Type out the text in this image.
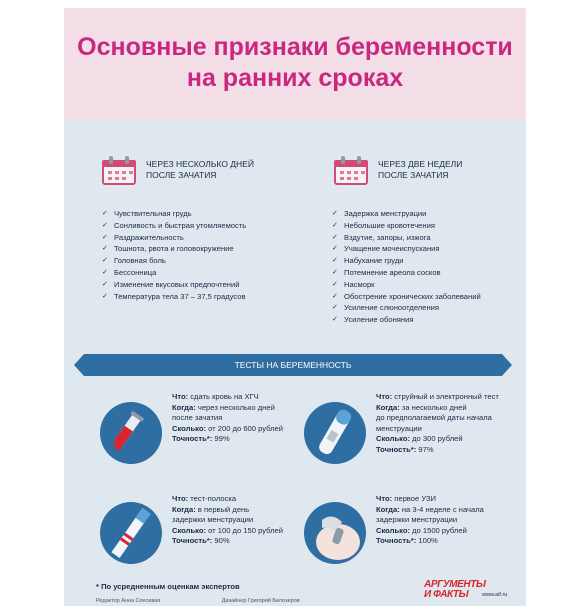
Основные признаки беременности
на ранних сроках
ЧЕРЕЗ НЕСКОЛЬКО ДНЕЙ
ПОСЛЕ ЗАЧАТИЯ
ЧЕРЕЗ ДВЕ НЕДЕЛИ
ПОСЛЕ ЗАЧАТИЯ
✓ Чувствительная грудь
✓ Сонливость и быстрая утомляемость
✓ Раздражительность
✓ Тошнота, рвота и головокружение
✓ Головная боль
✓ Бессонница
✓ Изменение вкусовых предпочтений
✓ Температура тела 37 – 37,5 градусов
✓ Задержка менструации
✓ Небольшие кровотечения
✓ Вздутие, запоры, изжога
✓ Учащение мочеиспускания
✓ Набухание груди
✓ Потемнение ареола сосков
✓ Насморк
✓ Обострение хронических заболеваний
✓ Усиление слюноотделения
✓ Усиление обоняния
ТЕСТЫ НА БЕРЕМЕННОСТЬ
Что: сдать кровь на ХГЧ
Когда: через несколько дней
после зачатия
Сколько: от 200 до 600 рублей
Точность*: 99%
Что: струйный и электронный тест
Когда: за несколько дней
до предполагаемой даты начала
менструации
Сколько: до 300 рублей
Точность*: 97%
Что: тест-полоска
Когда: в первый день
задержки менструации
Сколько: от 100 до 150 рублей
Точность*: 90%
Что: первое УЗИ
Когда: на 3-4 неделе с начала
задержки менструации
Сколько: до 1500 рублей
Точность*: 100%
* По усредненным оценкам экспертов
Редактор Анна Спесивая	Дизайнер Григорий Белозеров
АРГУМЕНТЫ
И ФАКТЫ	www.aif.ru
